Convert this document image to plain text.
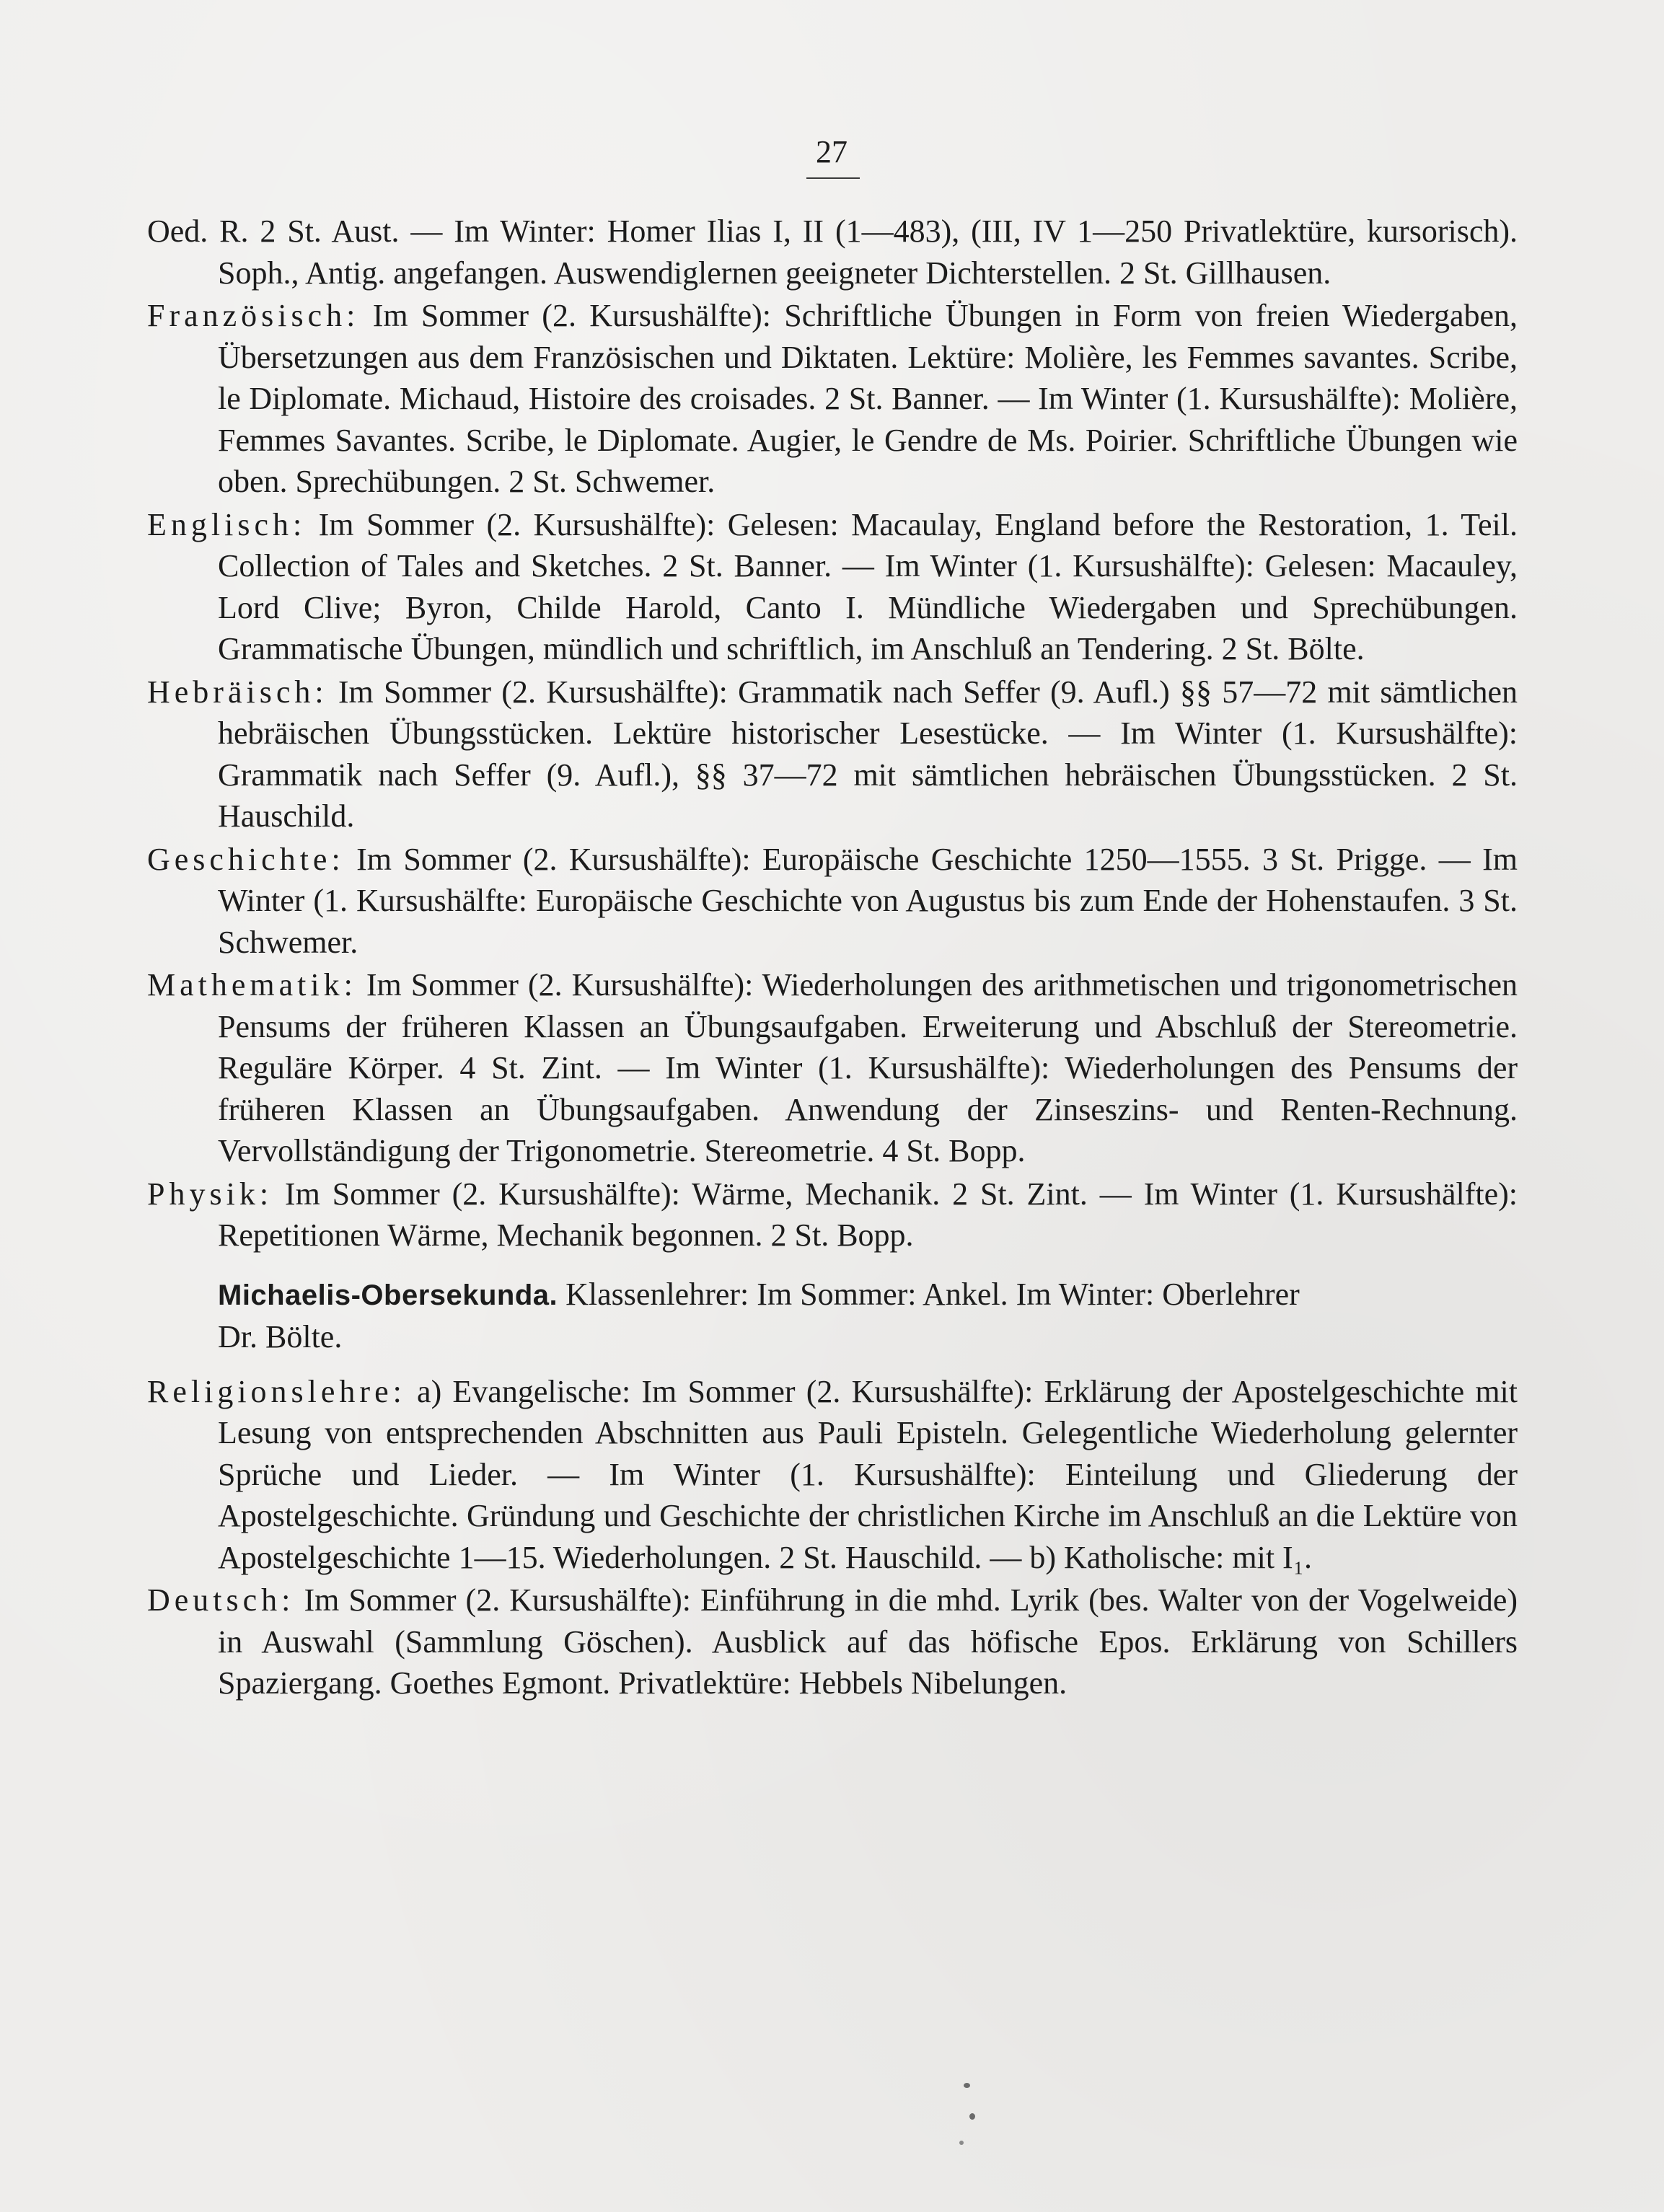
27

Oed. R. 2 St. Aust. — Im Winter: Homer Ilias I, II (1—483), (III, IV 1—250 Privatlektüre, kursorisch). Soph., Antig. angefangen. Auswendiglernen geeigneter Dichterstellen. 2 St. Gillhausen.

Französisch: Im Sommer (2. Kursushälfte): Schriftliche Übungen in Form von freien Wiedergaben, Übersetzungen aus dem Französischen und Diktaten. Lektüre: Molière, les Femmes savantes. Scribe, le Diplomate. Michaud, Histoire des croisades. 2 St. Banner. — Im Winter (1. Kursushälfte): Molière, Femmes Savantes. Scribe, le Diplomate. Augier, le Gendre de Ms. Poirier. Schriftliche Übungen wie oben. Sprechübungen. 2 St. Schwemer.

Englisch: Im Sommer (2. Kursushälfte): Gelesen: Macaulay, England before the Restoration, 1. Teil. Collection of Tales and Sketches. 2 St. Banner. — Im Winter (1. Kursushälfte): Gelesen: Macauley, Lord Clive; Byron, Childe Harold, Canto I. Mündliche Wiedergaben und Sprechübungen. Grammatische Übungen, mündlich und schriftlich, im Anschluß an Tendering. 2 St. Bölte.

Hebräisch: Im Sommer (2. Kursushälfte): Grammatik nach Seffer (9. Aufl.) §§ 57—72 mit sämtlichen hebräischen Übungsstücken. Lektüre historischer Lesestücke. — Im Winter (1. Kursushälfte): Grammatik nach Seffer (9. Aufl.), §§ 37—72 mit sämtlichen hebräischen Übungsstücken. 2 St. Hauschild.

Geschichte: Im Sommer (2. Kursushälfte): Europäische Geschichte 1250—1555. 3 St. Prigge. — Im Winter (1. Kursushälfte: Europäische Geschichte von Augustus bis zum Ende der Hohenstaufen. 3 St. Schwemer.

Mathematik: Im Sommer (2. Kursushälfte): Wiederholungen des arithmetischen und trigonometrischen Pensums der früheren Klassen an Übungsaufgaben. Erweiterung und Abschluß der Stereometrie. Reguläre Körper. 4 St. Zint. — Im Winter (1. Kursushälfte): Wiederholungen des Pensums der früheren Klassen an Übungsaufgaben. Anwendung der Zinseszins- und Renten-Rechnung. Vervollständigung der Trigonometrie. Stereometrie. 4 St. Bopp.

Physik: Im Sommer (2. Kursushälfte): Wärme, Mechanik. 2 St. Zint. — Im Winter (1. Kursushälfte): Repetitionen Wärme, Mechanik begonnen. 2 St. Bopp.

Michaelis-Obersekunda. Klassenlehrer: Im Sommer: Ankel. Im Winter: Oberlehrer
Dr. Bölte.

Religionslehre: a) Evangelische: Im Sommer (2. Kursushälfte): Erklärung der Apostelgeschichte mit Lesung von entsprechenden Abschnitten aus Pauli Episteln. Gelegentliche Wiederholung gelernter Sprüche und Lieder. — Im Winter (1. Kursushälfte): Einteilung und Gliederung der Apostelgeschichte. Gründung und Geschichte der christlichen Kirche im Anschluß an die Lektüre von Apostelgeschichte 1—15. Wiederholungen. 2 St. Hauschild. — b) Katholische: mit I₁.

Deutsch: Im Sommer (2. Kursushälfte): Einführung in die mhd. Lyrik (bes. Walter von der Vogelweide) in Auswahl (Sammlung Göschen). Ausblick auf das höfische Epos. Erklärung von Schillers Spaziergang. Goethes Egmont. Privatlektüre: Hebbels Nibelungen.
